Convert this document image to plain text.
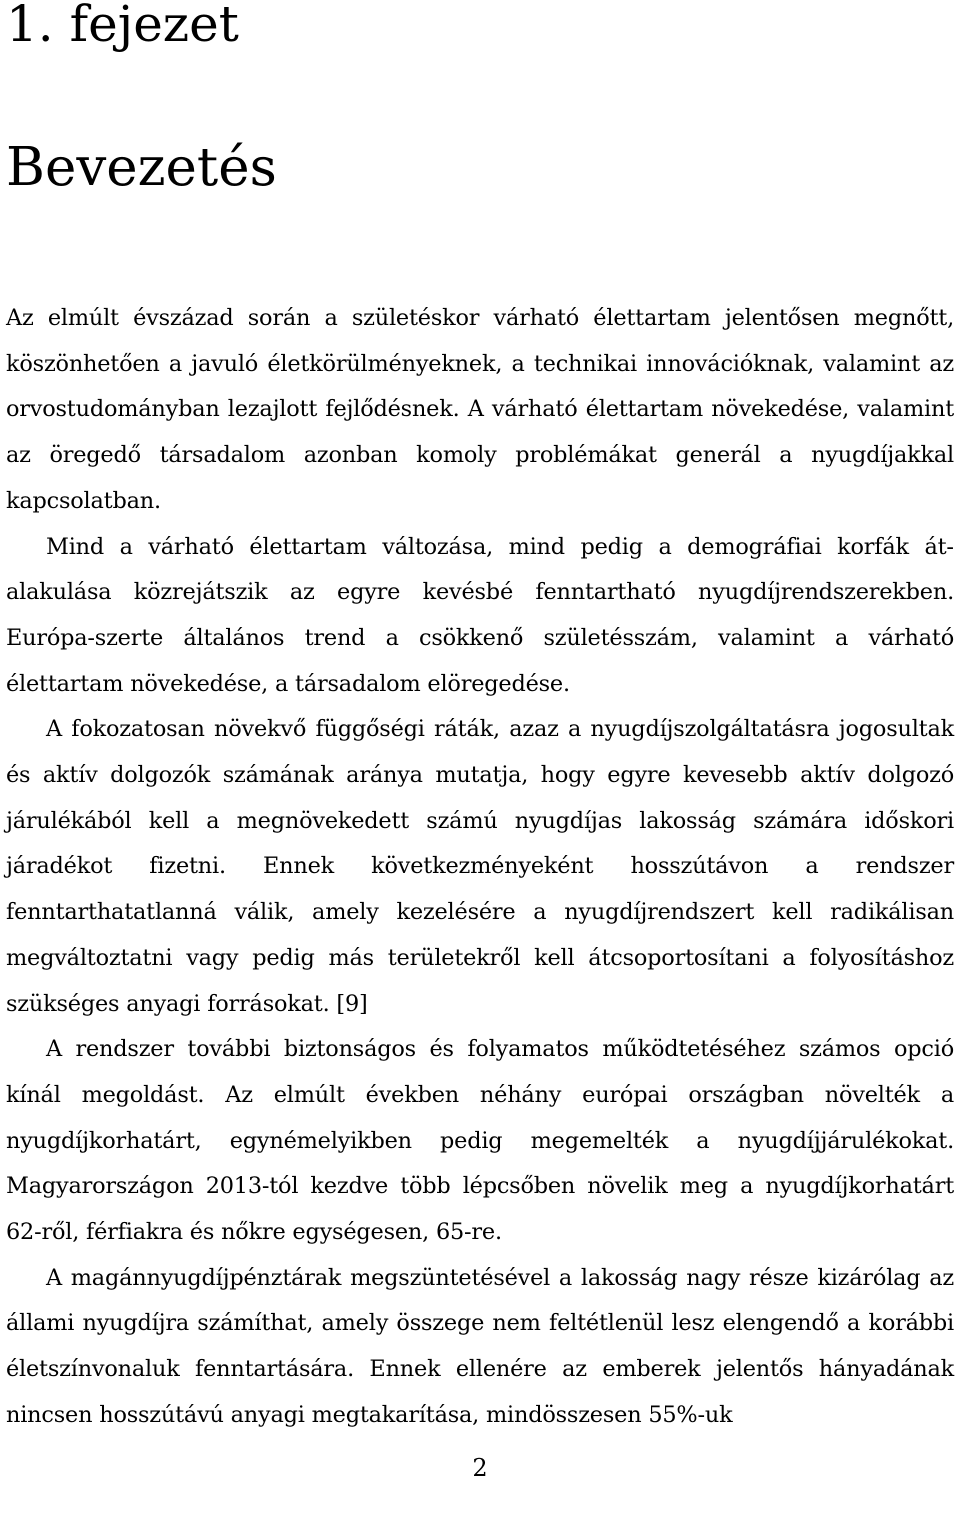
1. fejezet
Bevezetés

Az elmúlt évszázad során a születéskor várható élettartam jelentősen megnőtt, köszönhetően a javuló életkörülményeknek, a technikai innovációknak, valamint az orvostudományban lezajlott fejlődésnek. A várható élettartam növekedése, valamint az öregedő társadalom azonban komoly problémákat generál a nyugdíjakkal kapcsolatban.

Mind a várható élettartam változása, mind pedig a demográfiai korfák átalakulása közrejátszik az egyre kevésbé fenntartható nyugdíjrendszerekben. Európa-szerte általános trend a csökkenő születésszám, valamint a várható élettartam növekedése, a társadalom elöregedése.

A fokozatosan növekvő függőségi ráták, azaz a nyugdíjszolgáltatásra jogosultak és aktív dolgozók számának aránya mutatja, hogy egyre kevesebb aktív dolgozó járulékából kell a megnövekedett számú nyugdíjas lakosság számára időskori járadékot fizetni. Ennek következményeként hosszútávon a rendszer fenntarthatatlanná válik, amely kezelésére a nyugdíjrendszert kell radikálisan megváltoztatni vagy pedig más területekről kell átcsoportosítani a folyosításhoz szükséges anyagi forrásokat. [9]

A rendszer további biztonságos és folyamatos működtetéséhez számos opció kínál megoldást. Az elmúlt években néhány európai országban növelték a nyugdíjkorhatárt, egynémelyikben pedig megemelték a nyugdíjjárulékokat. Magyarországon 2013-tól kezdve több lépcsőben növelik meg a nyugdíjkorhatárt 62-ről, férfiakra és nőkre egységesen, 65-re.

A magánnyugdíjpénztárak megszüntetésével a lakosság nagy része kizárólag az állami nyugdíjra számíthat, amely összege nem feltétlenül lesz elengendő a korábbi életszínvonaluk fenntartására. Ennek ellenére az emberek jelentős hányadának nincsen hosszútávú anyagi megtakarítása, mindösszesen 55%-uk

2
